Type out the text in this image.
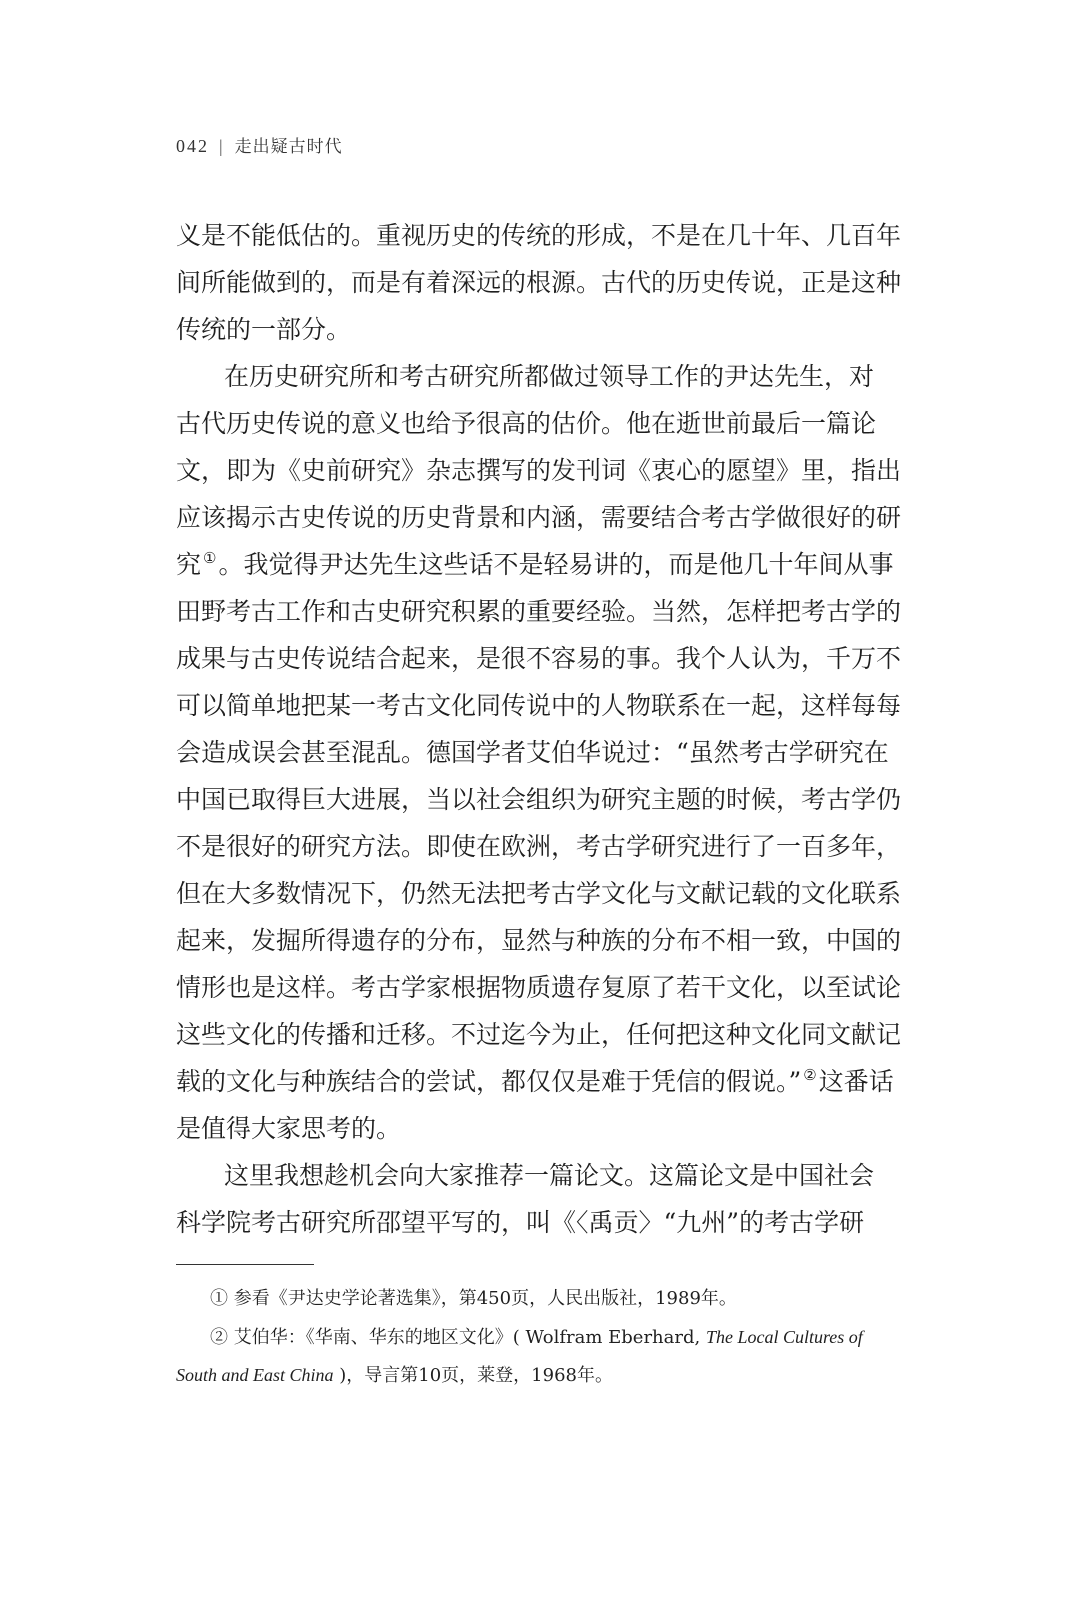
042 | 走出疑古时代
义是不能低估的。重视历史的传统的形成，不是在几十年、几百年
间所能做到的，而是有着深远的根源。古代的历史传说，正是这种
传统的一部分。
在历史研究所和考古研究所都做过领导工作的尹达先生，对
古代历史传说的意义也给予很高的估价。他在逝世前最后一篇论
文，即为《史前研究》杂志撰写的发刊词《衷心的愿望》里，指出
应该揭示古史传说的历史背景和内涵，需要结合考古学做很好的研
究 ①。我觉得尹达先生这些话不是轻易讲的，而是他几十年间从事
田野考古工作和古史研究积累的重要经验。当然，怎样把考古学的
成果与古史传说结合起来，是很不容易的事。我个人认为，千万不
可以简单地把某一考古文化同传说中的人物联系在一起，这样每每
会造成误会甚至混乱。德国学者艾伯华说过：“虽然考古学研究在
中国已取得巨大进展，当以社会组织为研究主题的时候，考古学仍
不是很好的研究方法。即使在欧洲，考古学研究进行了一百多年，
但在大多数情况下，仍然无法把考古学文化与文献记载的文化联系
起来，发掘所得遗存的分布，显然与种族的分布不相一致，中国的
情形也是这样。考古学家根据物质遗存复原了若干文化，以至试论
这些文化的传播和迁移。不过迄今为止，任何把这种文化同文献记
载的文化与种族结合的尝试，都仅仅是难于凭信的假说。” ②这番话
是值得大家思考的。
这里我想趁机会向大家推荐一篇论文。这篇论文是中国社会
科学院考古研究所邵望平写的，叫《〈禹贡〉“九州”的考古学研
① 参看《尹达史学论著选集》，第450页，人民出版社，1989年。
② 艾伯华：《华南、华东的地区文化》( Wolfram Eberhard, The Local Cultures of
South and East China )，导言第10页，莱登，1968年。
